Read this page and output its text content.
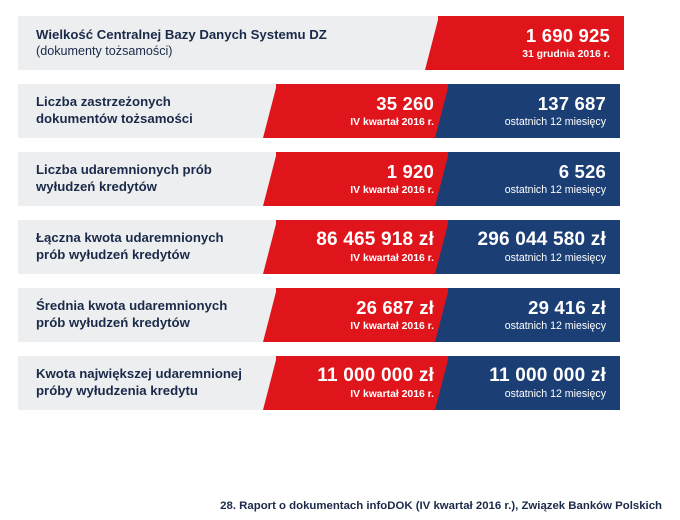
Wielkość Centralnej Bazy Danych Systemu DZ
(dokumenty tożsamości)
1 690 925
31 grudnia 2016 r.
Liczba zastrzeżonych
dokumentów tożsamości
35 260
IV kwartał 2016 r.
137 687
ostatnich 12 miesięcy
Liczba udaremnionych prób
wyłudzeń kredytów
1 920
IV kwartał 2016 r.
6 526
ostatnich 12 miesięcy
Łączna kwota udaremnionych
prób wyłudzeń kredytów
86 465 918 zł
IV kwartał 2016 r.
296 044 580 zł
ostatnich 12 miesięcy
Średnia kwota udaremnionych
prób wyłudzeń kredytów
26 687 zł
IV kwartał 2016 r.
29 416 zł
ostatnich 12 miesięcy
Kwota największej udaremnionej
próby wyłudzenia kredytu
11 000 000 zł
IV kwartał 2016 r.
11 000 000 zł
ostatnich 12 miesięcy
28. Raport o dokumentach infoDOK (IV kwartał 2016 r.), Związek Banków Polskich
